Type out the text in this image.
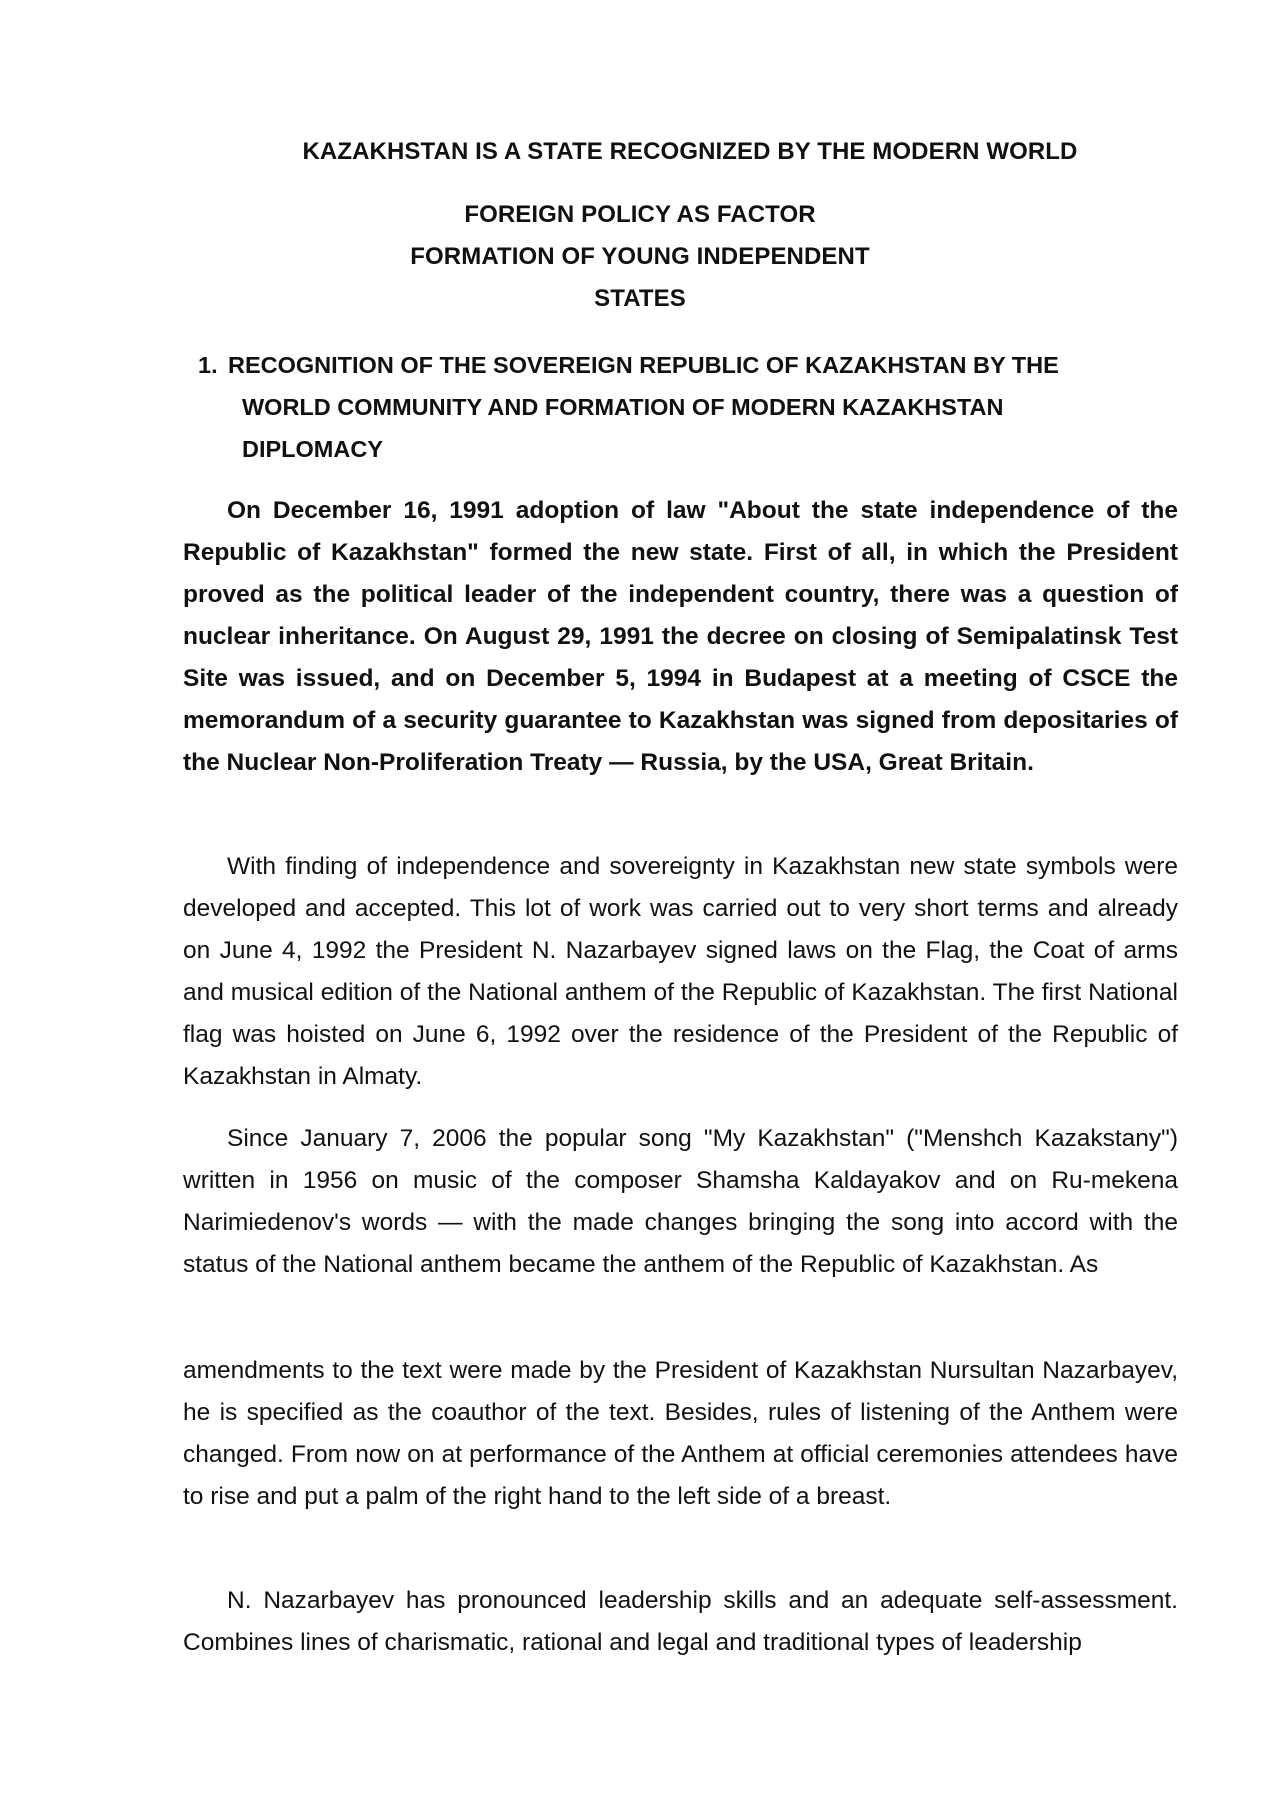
KAZAKHSTAN IS A STATE RECOGNIZED BY THE MODERN WORLD
FOREIGN POLICY AS FACTOR
FORMATION OF YOUNG INDEPENDENT
STATES
1. RECOGNITION OF THE SOVEREIGN REPUBLIC OF KAZAKHSTAN BY THE
WORLD COMMUNITY AND FORMATION OF MODERN KAZAKHSTAN DIPLOMACY

On December 16, 1991 adoption of law "About the state independence of the Republic of Kazakhstan" formed the new state. First of all, in which the President proved as the political leader of the independent country, there was a question of nuclear inheritance. On August 29, 1991 the decree on closing of Semipalatinsk Test Site was issued, and on December 5, 1994 in Budapest at a meeting of CSCE the memorandum of a security guarantee to Kazakhstan was signed from depositaries of the Nuclear Non-Proliferation Treaty — Russia, by the USA, Great Britain.

With finding of independence and sovereignty in Kazakhstan new state symbols were developed and accepted. This lot of work was carried out to very short terms and already on June 4, 1992 the President N. Nazarbayev signed laws on the Flag, the Coat of arms and musical edition of the National anthem of the Republic of Kazakhstan. The first National flag was hoisted on June 6, 1992 over the residence of the President of the Republic of Kazakhstan in Almaty.

Since January 7, 2006 the popular song "My Kazakhstan" ("Menshch Kazakstany") written in 1956 on music of the composer Shamsha Kaldayakov and on Ru-mekena Narimiedenov's words — with the made changes bringing the song into accord with the status of the National anthem became the anthem of the Republic of Kazakhstan. As

amendments to the text were made by the President of Kazakhstan Nursultan Nazarbayev, he is specified as the coauthor of the text. Besides, rules of listening of the Anthem were changed. From now on at performance of the Anthem at official ceremonies attendees have to rise and put a palm of the right hand to the left side of a breast.

N. Nazarbayev has pronounced leadership skills and an adequate self-assessment. Combines lines of charismatic, rational and legal and traditional types of leadership
